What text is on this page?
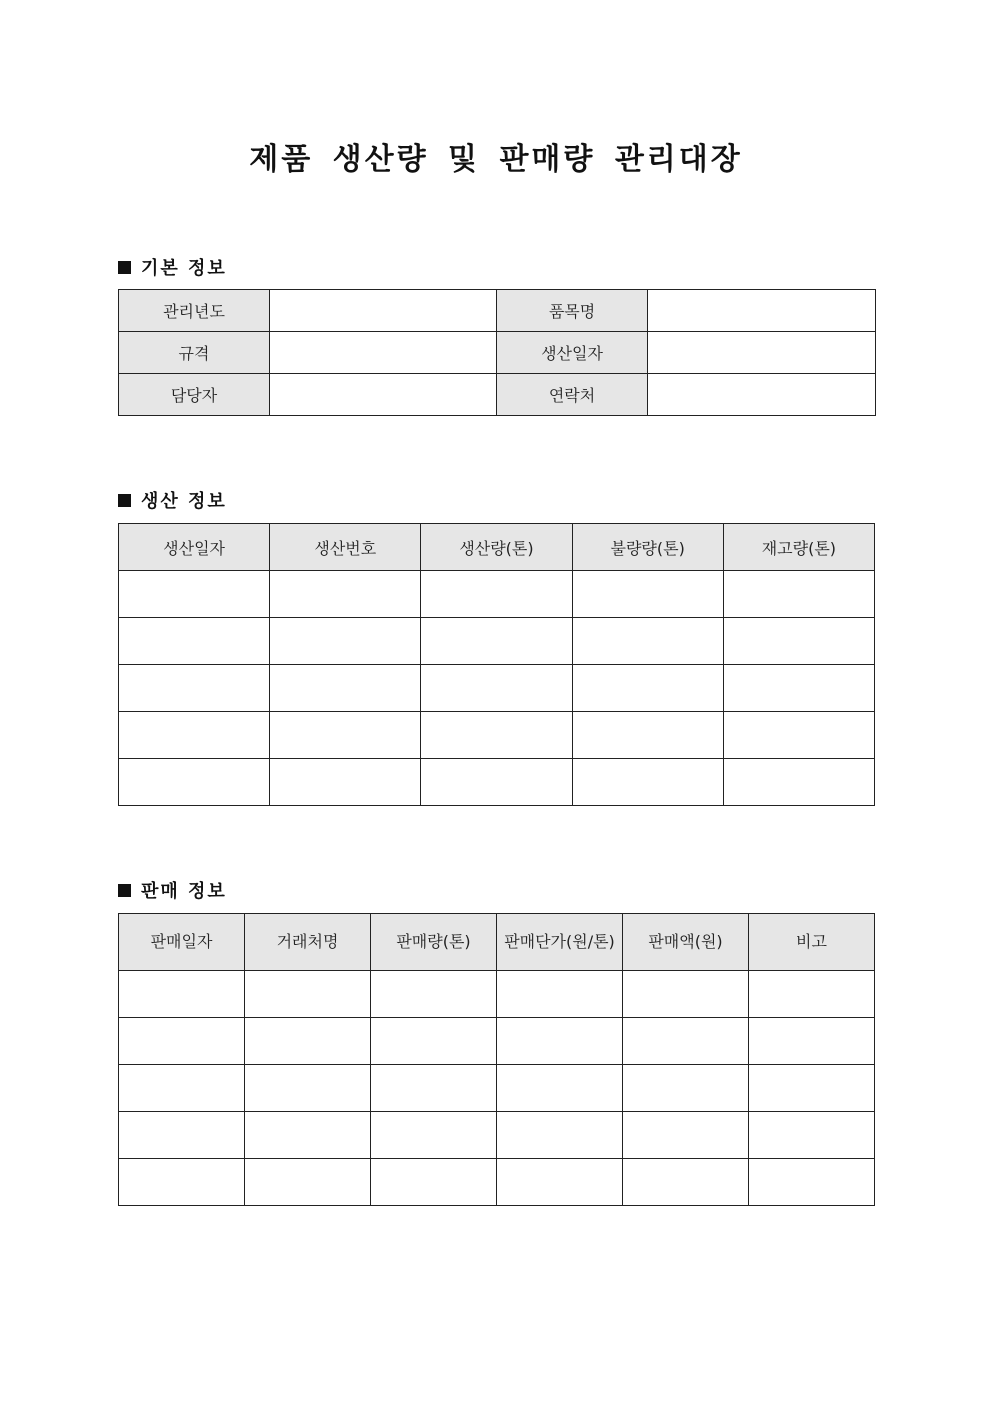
제품 생산량 및 판매량 관리대장
기본 정보
관리년도		품목명	
규격		생산일자	
담당자		연락처	
생산 정보
생산일자	생산번호	생산량(톤)	불량량(톤)	재고량(톤)

판매 정보
판매일자	거래처명	판매량(톤)	판매단가(원/톤)	판매액(원)	비고
